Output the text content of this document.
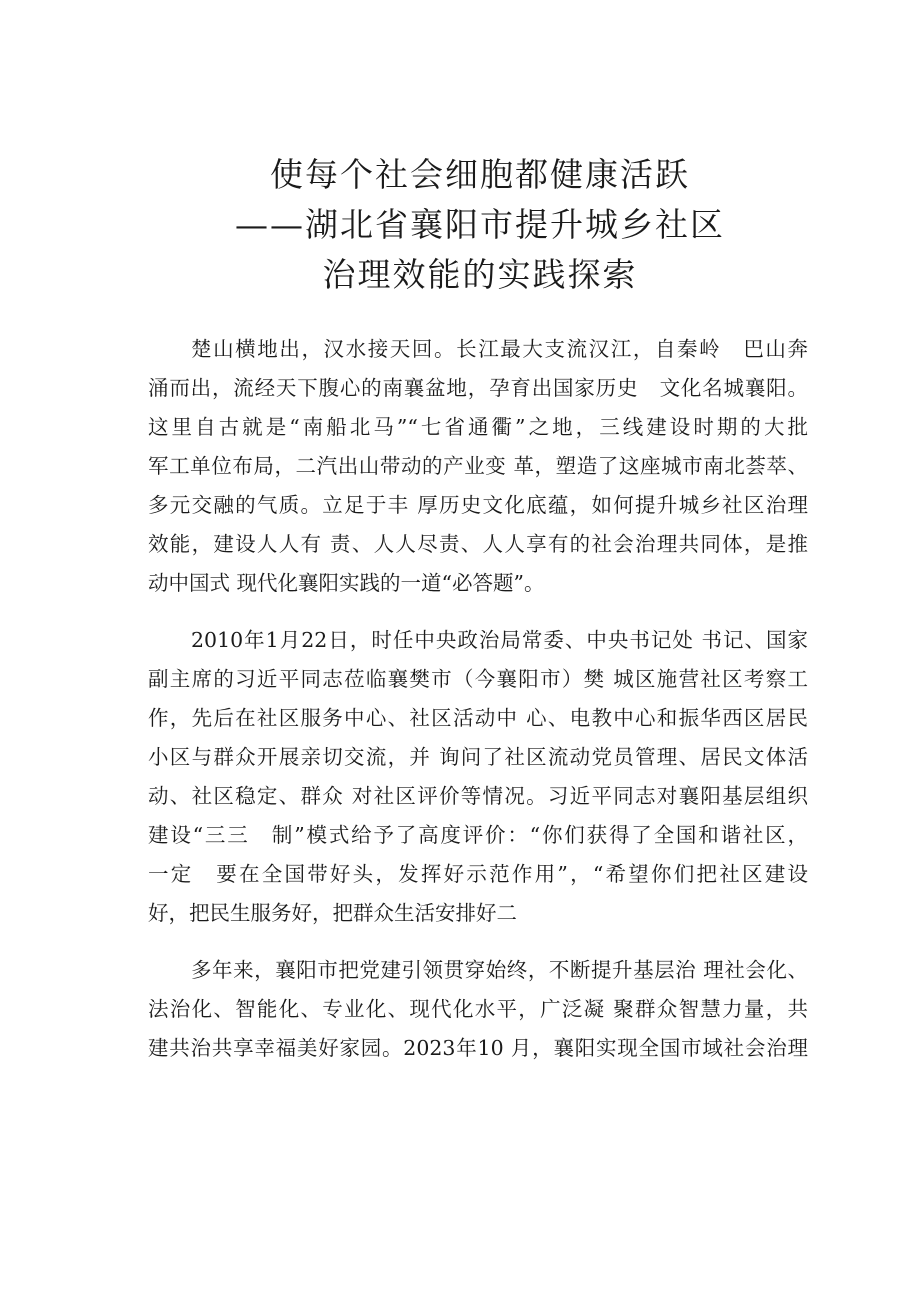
使每个社会细胞都健康活跃
——湖北省襄阳市提升城乡社区
治理效能的实践探索
楚山横地出，汉水接天回。长江最大支流汉江，自秦岭　巴山奔
涌而出，流经天下腹心的南襄盆地，孕育出国家历史　文化名城襄阳。
这里自古就是“南船北马”“七省通衢”之地，三线建设时期的大批
军工单位布局，二汽出山带动的产业变 革，塑造了这座城市南北荟萃、
多元交融的气质。立足于丰 厚历史文化底蕴，如何提升城乡社区治理
效能，建设人人有 责、人人尽责、人人享有的社会治理共同体，是推
动中国式 现代化襄阳实践的一道“必答题”。
2010年1月22日，时任中央政治局常委、中央书记处 书记、国家
副主席的习近平同志莅临襄樊市（今襄阳市）樊 城区施营社区考察工
作，先后在社区服务中心、社区活动中 心、电教中心和振华西区居民
小区与群众开展亲切交流，并 询问了社区流动党员管理、居民文体活
动、社区稳定、群众 对社区评价等情况。习近平同志对襄阳基层组织
建设“三三　制”模式给予了高度评价：“你们获得了全国和谐社区，
一定　要在全国带好头，发挥好示范作用”，“希望你们把社区建设
好，把民生服务好，把群众生活安排好二
多年来，襄阳市把党建引领贯穿始终，不断提升基层治 理社会化、
法治化、智能化、专业化、现代化水平，广泛凝 聚群众智慧力量，共
建共治共享幸福美好家园。2023年10 月，襄阳实现全国市域社会治理
